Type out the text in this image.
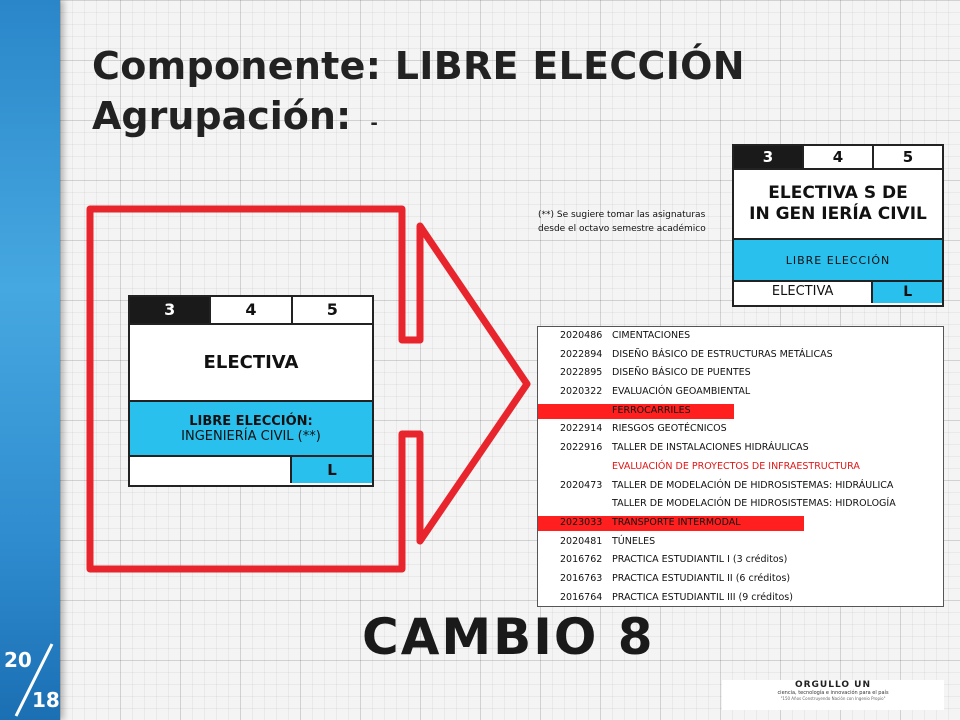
20
18
Componente: LIBRE ELECCIÓN
Agrupación: -
3	4	5
ELECTIVA
LIBRE ELECCIÓN:
INGENIERÍA CIVIL (**)
L
(**) Se sugiere tomar las asignaturas desde el octavo semestre académico
3	4	5
ELECTIVA S DE
IN GEN IERÍA CIVIL
LIBRE ELECCIÓN
ELECTIVA	L
2020486	CIMENTACIONES
2022894	DISEÑO BÁSICO DE ESTRUCTURAS METÁLICAS
2022895	DISEÑO BÁSICO DE PUENTES
2020322	EVALUACIÓN GEOAMBIENTAL
FERROCARRILES
2022914	RIESGOS GEOTÉCNICOS
2022916	TALLER DE INSTALACIONES HIDRÁULICAS
EVALUACIÓN DE PROYECTOS DE INFRAESTRUCTURA
2020473	TALLER DE MODELACIÓN DE HIDROSISTEMAS: HIDRÁULICA
TALLER DE MODELACIÓN DE HIDROSISTEMAS: HIDROLOGÍA
2023033	TRANSPORTE INTERMODAL
2020481	TÚNELES
2016762	PRACTICA ESTUDIANTIL I (3 créditos)
2016763	PRACTICA ESTUDIANTIL II (6 créditos)
2016764	PRACTICA ESTUDIANTIL III (9 créditos)
CAMBIO 8
ORGULLO UN
ciencia, tecnología e innovación para el país
"150 Años Construyendo Nación con Ingenio Propio"
